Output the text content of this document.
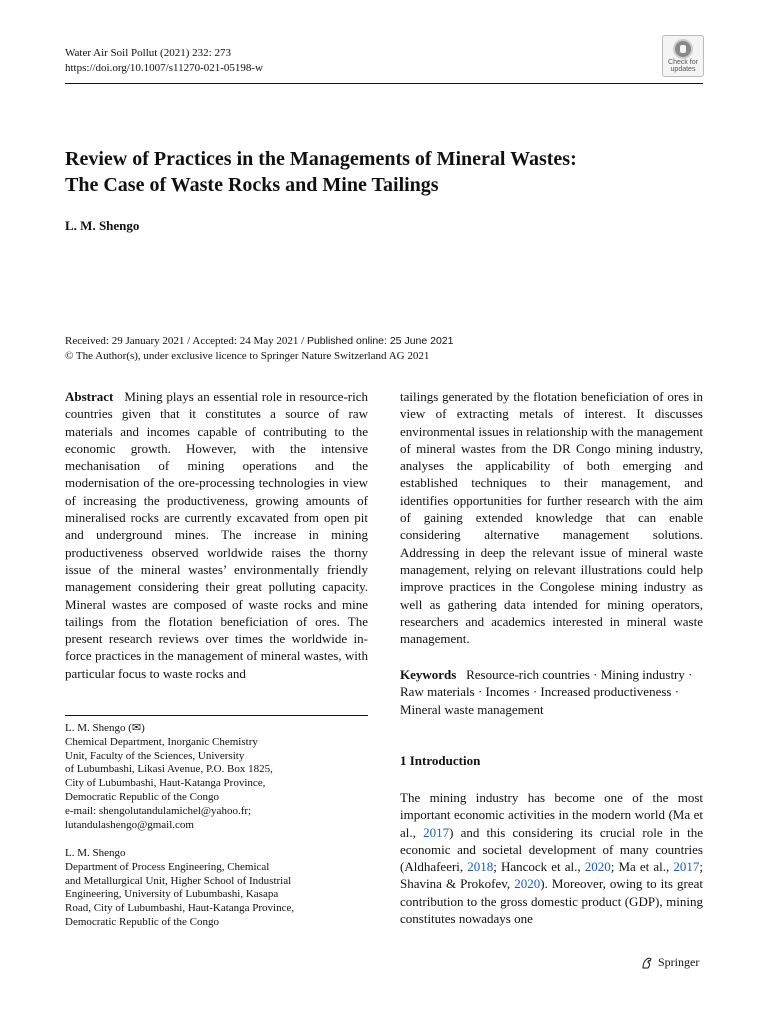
Water Air Soil Pollut (2021) 232: 273
https://doi.org/10.1007/s11270-021-05198-w	Check for
updates
Review of Practices in the Managements of Mineral Wastes:
The Case of Waste Rocks and Mine Tailings
L. M. Shengo
Received: 29 January 2021 / Accepted: 24 May 2021 / Published online: 25 June 2021
© The Author(s), under exclusive licence to Springer Nature Switzerland AG 2021
Abstract Mining plays an essential role in resource-rich countries given that it constitutes a source of raw materials and incomes capable of contributing to the economic growth. However, with the intensive mechanisation of mining operations and the modernisation of the ore-processing technologies in view of increasing the productiveness, growing amounts of mineralised rocks are currently excavated from open pit and underground mines. The increase in mining productiveness observed worldwide raises the thorny issue of the mineral wastes’ environmentally friendly management considering their great polluting capacity. Mineral wastes are composed of waste rocks and mine tailings from the flotation beneficiation of ores. The present research reviews over times the worldwide in-force practices in the management of mineral wastes, with particular focus to waste rocks and
tailings generated by the flotation beneficiation of ores in view of extracting metals of interest. It discusses environmental issues in relationship with the management of mineral wastes from the DR Congo mining industry, analyses the applicability of both emerging and established techniques to their management, and identifies opportunities for further research with the aim of gaining extended knowledge that can enable considering alternative management solutions. Addressing in deep the relevant issue of mineral waste management, relying on relevant illustrations could help improve practices in the Congolese mining industry as well as gathering data intended for mining operators, researchers and academics interested in mineral waste management.
Keywords Resource-rich countries · Mining industry · Raw materials · Incomes · Increased productiveness · Mineral waste management
L. M. Shengo (✉)
Chemical Department, Inorganic Chemistry
Unit, Faculty of the Sciences, University
of Lubumbashi, Likasi Avenue, P.O. Box 1825,
City of Lubumbashi, Haut-Katanga Province,
Democratic Republic of the Congo
e-mail: shengolutandulamichel@yahoo.fr;
lutandulashengo@gmail.com
L. M. Shengo
Department of Process Engineering, Chemical
and Metallurgical Unit, Higher School of Industrial
Engineering, University of Lubumbashi, Kasapa
Road, City of Lubumbashi, Haut-Katanga Province,
Democratic Republic of the Congo
1 Introduction
The mining industry has become one of the most important economic activities in the modern world (Ma et al., 2017) and this considering its crucial role in the economic and societal development of many countries (Aldhafeeri, 2018; Hancock et al., 2020; Ma et al., 2017; Shavina & Prokofev, 2020). Moreover, owing to its great contribution to the gross domestic product (GDP), mining constitutes nowadays one
Springer
